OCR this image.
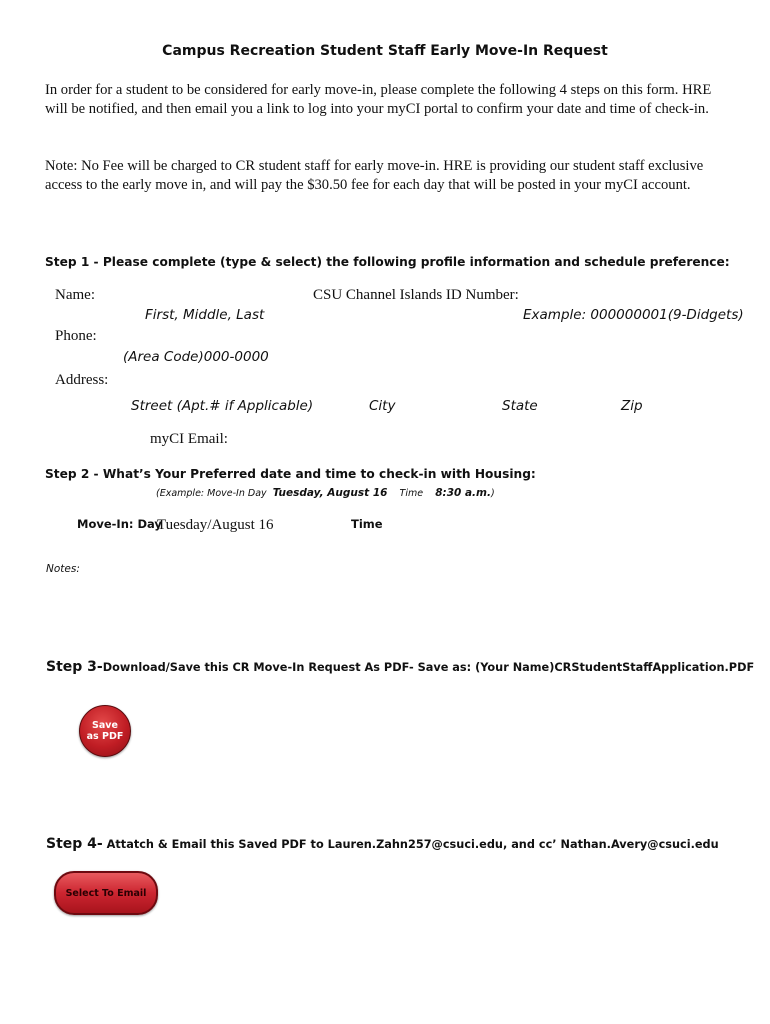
Campus Recreation Student Staff Early Move-In Request
In order for a student to be considered for early move-in, please complete the following 4 steps on this form. HRE will be notified, and then email you a link to log into your myCI portal to confirm your date and time of check-in.
Note: No Fee will be charged to CR student staff for early move-in. HRE is providing our student staff exclusive access to the early move in, and will pay the $30.50 fee for each day that will be posted in your myCI account.
Step 1 - Please complete (type & select) the following profile information and schedule preference:
Name:
First, Middle, Last
CSU Channel Islands ID Number:
Example: 000000001(9-Didgets)
Phone:
(Area Code)000-0000
Address:
Street (Apt.# if Applicable)	City	State	Zip
myCI Email:
Step 2 - What’s Your Preferred date and time to check-in with Housing:
(Example: Move-In Day Tuesday, August 16 Time 8:30 a.m.)
Move-In: Day
Tuesday/August 16	Time
Notes:
Step 3-Download/Save this CR Move-In Request As PDF- Save as: (Your Name)CRStudentStaffApplication.PDF
Save as PDF
Step 4- Attatch & Email this Saved PDF to Lauren.Zahn257@csuci.edu, and cc’ Nathan.Avery@csuci.edu
Select To Email
